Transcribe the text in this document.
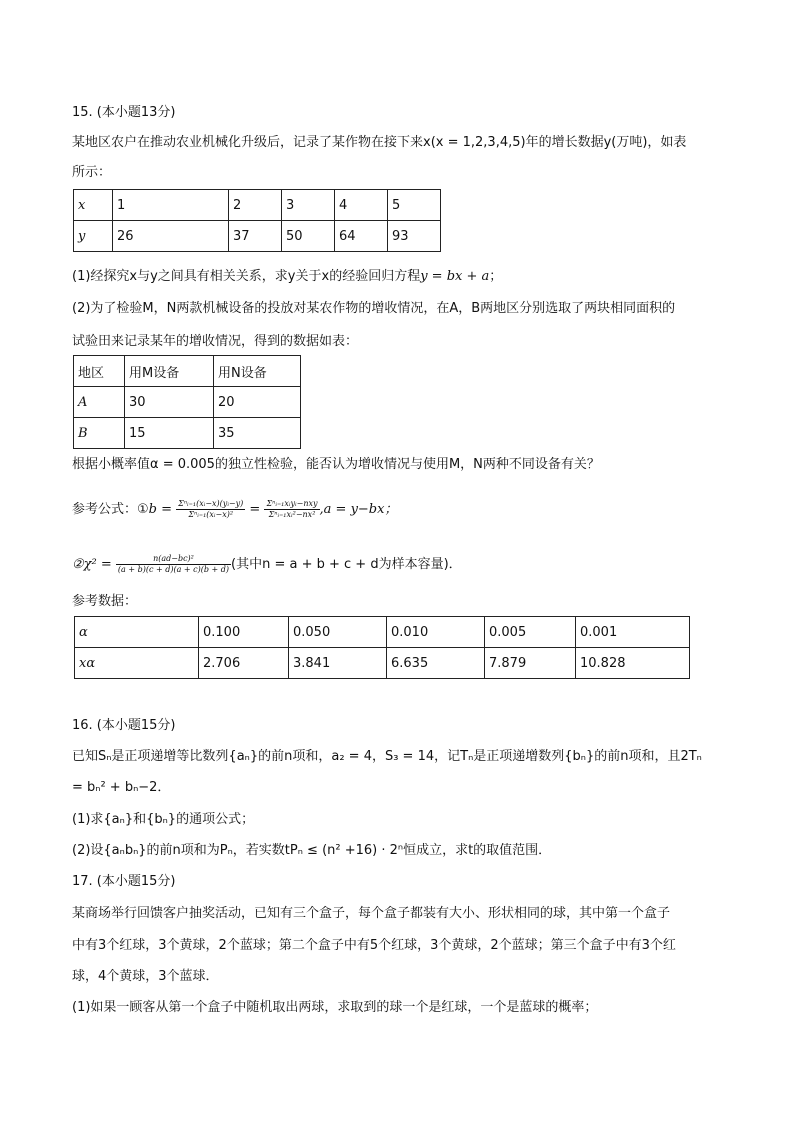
15. (本小题13分)
某地区农户在推动农业机械化升级后，记录了某作物在接下来x(x = 1,2,3,4,5)年的增长数据y(万吨)，如表
所示：
x	1	2	3	4	5
y	26	37	50	64	93
(1)经探究x与y之间具有相关关系，求y关于x的经验回归方程y = bx + a；
(2)为了检验M，N两款机械设备的投放对某农作物的增收情况，在A，B两地区分别选取了两块相同面积的
试验田来记录某年的增收情况，得到的数据如表：
地区	用M设备	用N设备
A	30	20
B	15	35
根据小概率值α = 0.005的独立性检验，能否认为增收情况与使用M，N两种不同设备有关？
参考公式：①b = $\frac{\text{Σⁿᵢ₌₁(xᵢ−x)(yᵢ−y)}}{\text{Σⁿᵢ₌₁(xᵢ−x)²}} = \frac{\text{Σⁿᵢ₌₁xᵢyᵢ−nxy}}{\text{Σⁿᵢ₌₁xᵢ²−nx²}} ,a = y-bx$；
②χ² = $\frac{\text{n(ad−bc)²}}{(a + b)(c + d)(a + c)(b + d)}$ (其中n = a + b + c + d为样本容量)．
参考数据：
α	0.100	0.050	0.010	0.005	0.001
xα	2.706	3.841	6.635	7.879	10.828
16. (本小题15分)
已知Sₙ是正项递增等比数列{aₙ}的前n项和，a₂ = 4，S₃ = 14，记Tₙ是正项递增数列{bₙ}的前n项和，且2Tₙ
= bₙ² + bₙ−2．
(1)求{aₙ}和{bₙ}的通项公式；
(2)设{aₙbₙ}的前n项和为Pₙ，若实数tPₙ ≤ (n² +16) · 2ⁿ恒成立，求t的取值范围．
17. (本小题15分)
某商场举行回馈客户抽奖活动，已知有三个盒子，每个盒子都装有大小、形状相同的球，其中第一个盒子
中有3个红球，3个黄球，2个蓝球；第二个盒子中有5个红球，3个黄球，2个蓝球；第三个盒子中有3个红
球，4个黄球，3个蓝球．
(1)如果一顾客从第一个盒子中随机取出两球，求取到的球一个是红球，一个是蓝球的概率；
